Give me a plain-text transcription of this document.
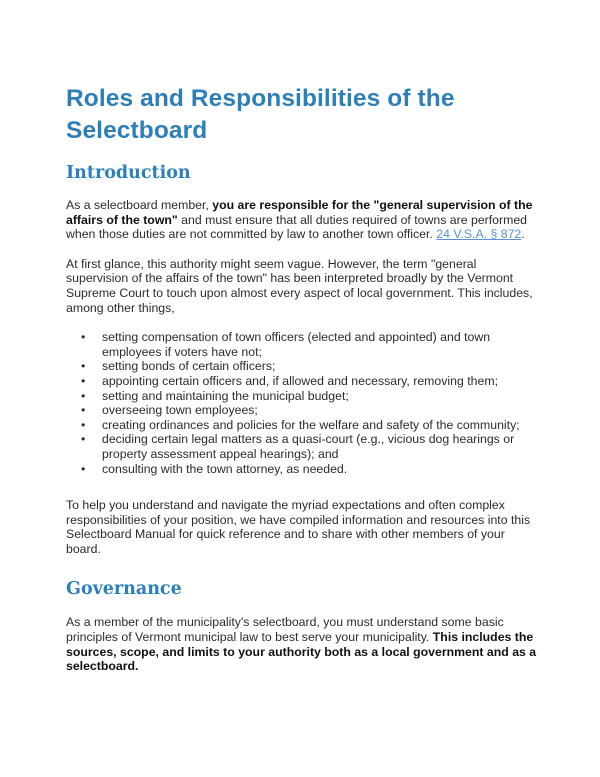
Roles and Responsibilities of the Selectboard
Introduction

As a selectboard member, you are responsible for the "general supervision of the affairs of the town" and must ensure that all duties required of towns are performed when those duties are not committed by law to another town officer. 24 V.S.A. § 872.

At first glance, this authority might seem vague. However, the term "general supervision of the affairs of the town" has been interpreted broadly by the Vermont Supreme Court to touch upon almost every aspect of local government. This includes, among other things,

• setting compensation of town officers (elected and appointed) and town employees if voters have not;
• setting bonds of certain officers;
• appointing certain officers and, if allowed and necessary, removing them;
• setting and maintaining the municipal budget;
• overseeing town employees;
• creating ordinances and policies for the welfare and safety of the community;
• deciding certain legal matters as a quasi-court (e.g., vicious dog hearings or property assessment appeal hearings); and
• consulting with the town attorney, as needed.

To help you understand and navigate the myriad expectations and often complex responsibilities of your position, we have compiled information and resources into this Selectboard Manual for quick reference and to share with other members of your board.

Governance

As a member of the municipality's selectboard, you must understand some basic principles of Vermont municipal law to best serve your municipality. This includes the sources, scope, and limits to your authority both as a local government and as a selectboard.
